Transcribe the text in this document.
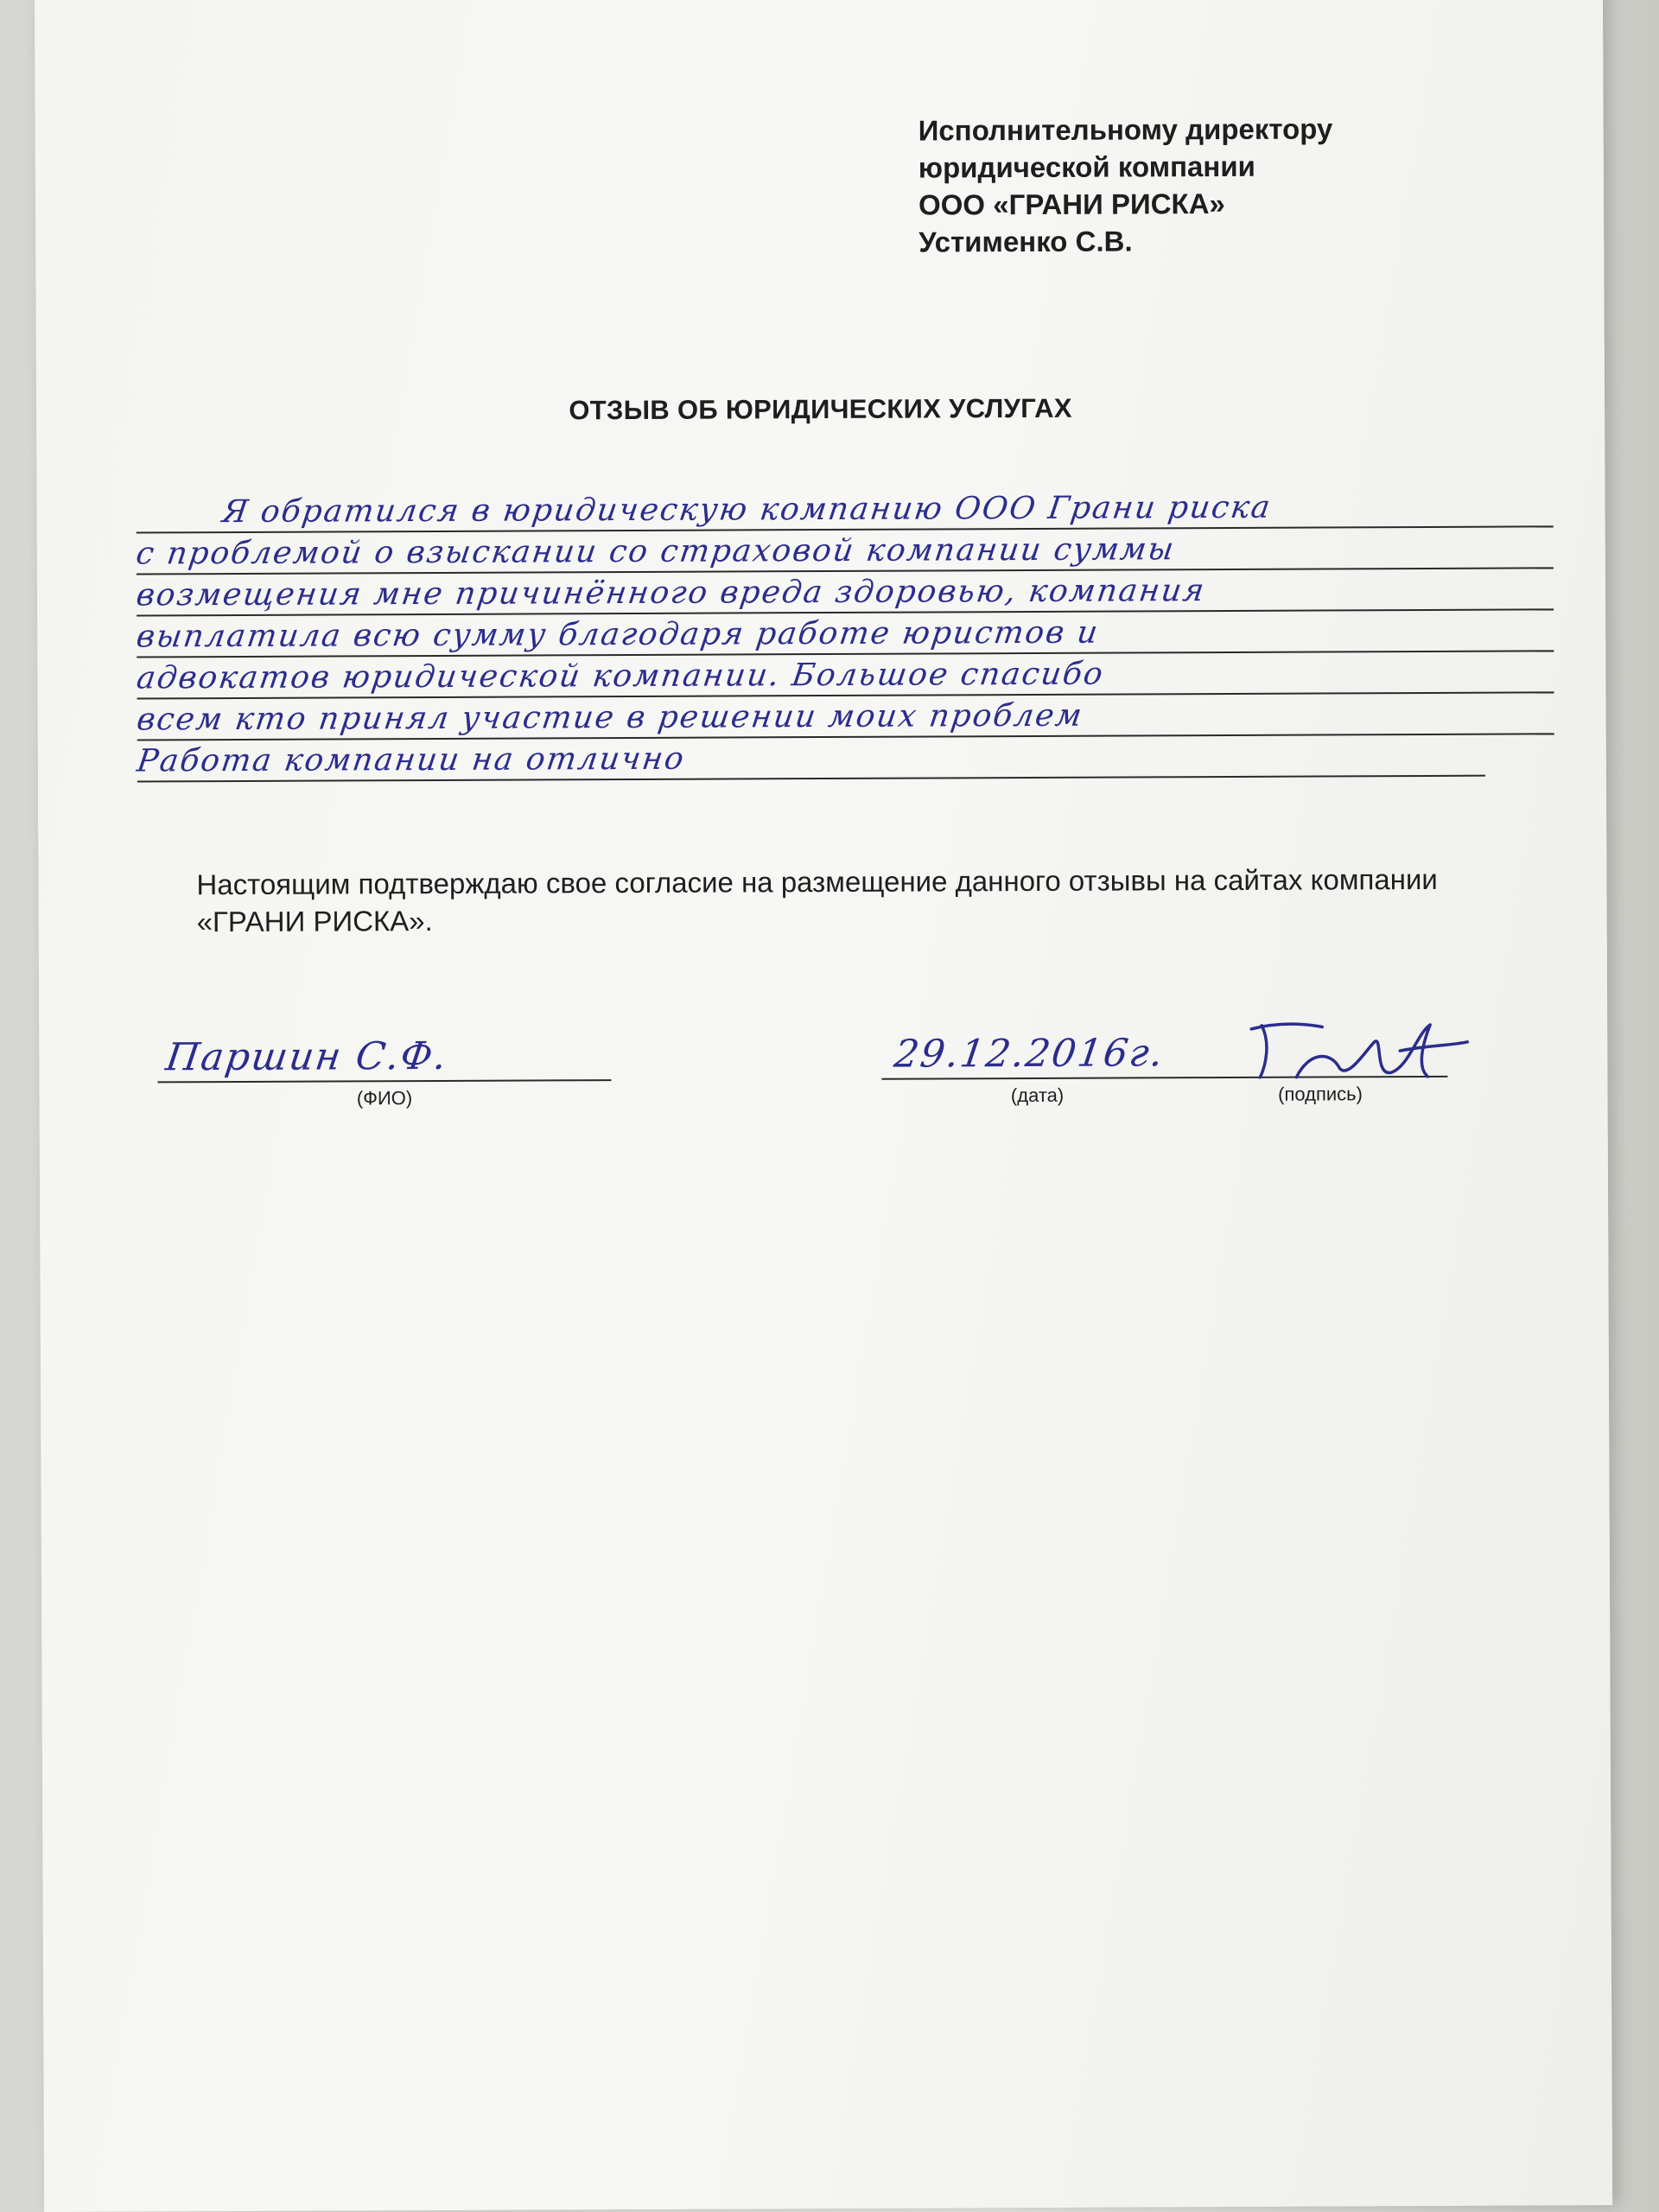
Исполнительному директору
юридической компании
ООО «ГРАНИ РИСКА»
Устименко С.В.
ОТЗЫВ ОБ ЮРИДИЧЕСКИХ УСЛУГАХ
Я обратился в юридическую компанию ООО Грани риска
с проблемой о взыскании со страховой компании суммы
возмещения мне причинённого вреда здоровью, компания
выплатила всю сумму благодаря работе юристов и
адвокатов юридической компании. Большое спасибо
всем кто принял участие в решении моих проблем
Работа компании на отлично
Настоящим подтверждаю свое согласие на размещение данного отзывы на сайтах компании «ГРАНИ РИСКА».
Паршин С.Ф.
(ФИО)
29.12.2016г.
(дата)	(подпись)
